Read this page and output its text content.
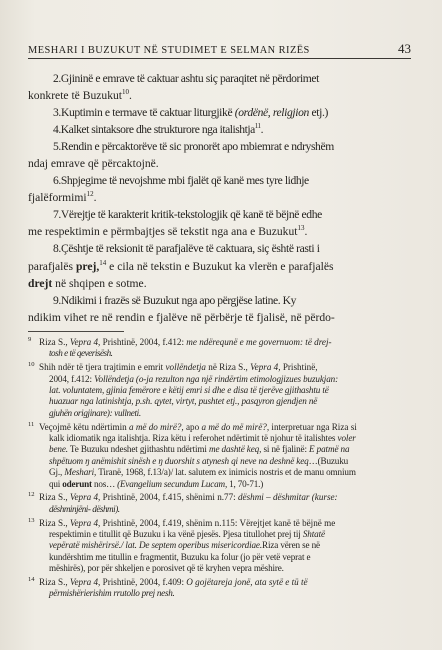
MESHARI I BUZUKUT NË STUDIMET E SELMAN RIZËS	43
2.Gjininë e emrave të caktuar ashtu siç paraqitet në përdorimet
konkrete të Buzukut$^{10}$.
3.Kuptimin e termave të caktuar liturgjikë (ordënë, religjion etj.)
4.Kalket sintaksore dhe strukturore nga italishtja$^{11}$.
5.Rendin e përcaktorëve të sic pronorët apo mbiemrat e ndryshëm
ndaj emrave që përcaktojnë.
6.Shpjegime të nevojshme mbi fjalët që kanë mes tyre lidhje
fjalëformimi$^{12}$.
7.Vërejtje të karakterit kritik-tekstologjik që kanë të bëjnë edhe
me respektimin e përmbajtjes së tekstit nga ana e Buzukut$^{13}$.
8.Çështje të reksionit të parafjalëve të caktuara, siç është rasti i
parafjalës prej,$^{14}$ e cila në tekstin e Buzukut ka vlerën e parafjalës
drejt në shqipen e sotme.
9.Ndikimi i frazës së Buzukut nga apo përgjëse latine. Ky
ndikim vihet re në rendin e fjalëve në përbërje të fjalisë, në përdo-
9 Riza S., Vepra 4, Prishtinë, 2004, f.412: me ndërequnë e me governuom: të drej-
tosh e të qeverisësh.
10 Shih ndër të tjera trajtimin e emrit vollëndetja në Riza S., Vepra 4, Prishtinë,
2004, f.412: Vollëndetja (o-ja rezulton nga një rindërtim etimologjizues buzukjan:
lat. voluntatem, gjinia femërore e këtij emri si dhe e disa të tjerëve gjithashtu të
huazuar nga latinishtja, p.sh. qytet, virtyt, pushtet etj., pasqyron gjendjen në
gjuhën origjinare): vullneti.
11 Veçojmë këtu ndërtimin a më do mirë?, apo a më do më mirë?, interpretuar nga Riza si
kalk idiomatik nga italishtja. Riza këtu i referohet ndërtimit të njohur të italishtes voler
bene. Te Buzuku ndeshet gjithashtu ndërtimi me dashtë keq, si në fjalinë: E patmë na
shpëtuom ŋ anëmishit sinësh e ŋ duorshit s atynesh qi neve na deshnë keq…(Buzuku
Gj., Meshari, Tiranë, 1968, f.13/a)/ lat. salutem ex inimicis nostris et de manu omnium
qui oderunt nos… (Evangelium secundum Lucam, 1, 70-71.)
12 Riza S., Vepra 4, Prishtinë, 2004, f.415, shënimi n.77: dëshmi – dëshmitar (kurse:
dëshminjëni- dëshmi).
13 Riza S., Vepra 4, Prishtinë, 2004, f.419, shënim n.115: Vërejtjet kanë të bëjnë me
respektimin e titullit që Buzuku i ka vënë pjesës. Pjesa titullohet prej tij Shtatë
vepëratë mishërirsë./ lat. De septem operibus misericordiae.Riza vëren se në
kundërshtim me titullin e fragmentit, Buzuku ka folur (jo për vetë veprat e
mëshirës), por për shkeljen e porosivet që të kryhen vepra mëshire.
14 Riza S., Vepra 4, Prishtinë, 2004, f.409: O gojëtareja jonë, ata sytë e tü të
përmishërierishim rrutollo prej nesh.
